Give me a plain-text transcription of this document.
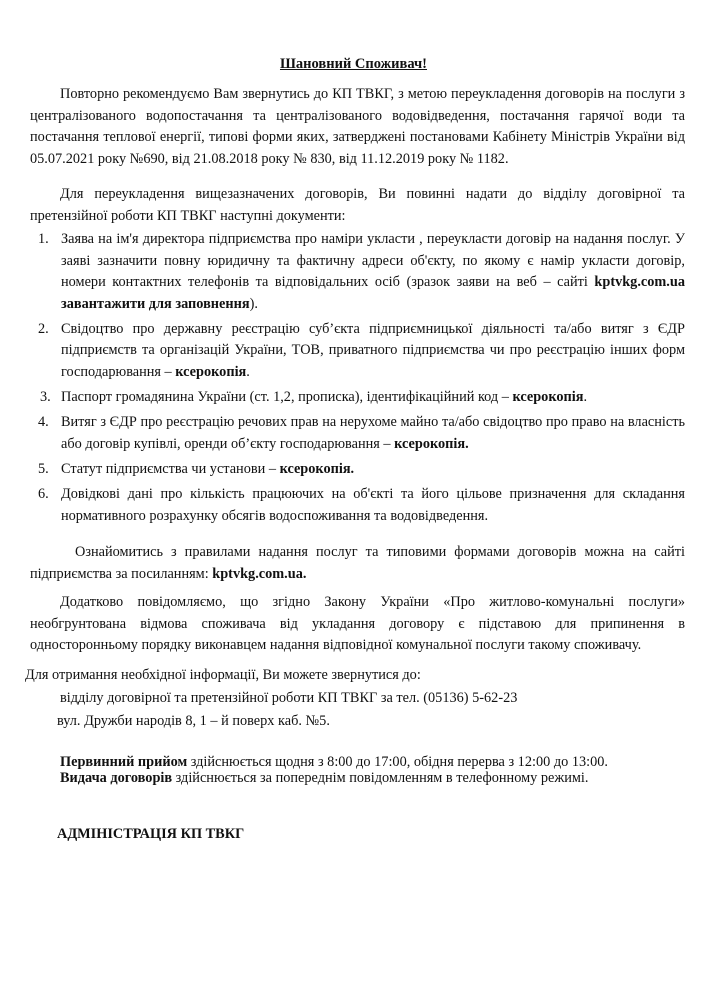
Шановний Споживач!

Повторно рекомендуємо Вам звернутись до КП ТВКГ, з метою переукладення договорів на послуги з централізованого водопостачання та централізованого водовідведення, постачання гарячої води та постачання теплової енергії, типові форми яких, затверджені постановами Кабінету Міністрів України від 05.07.2021 року №690, від 21.08.2018 року № 830, від 11.12.2019 року № 1182.

Для переукладення вищезазначених договорів, Ви повинні надати до відділу договірної та претензійної роботи КП ТВКГ наступні документи:

1. Заява на ім'я директора підприємства про наміри укласти , переукласти договір на надання послуг. У заяві зазначити повну юридичну та фактичну адреси об'єкту, по якому є намір укласти договір, номери контактних телефонів та відповідальних осіб (зразок заяви на веб – сайті kptvkg.com.ua завантажити для заповнення).
2. Свідоцтво про державну реєстрацію суб’єкта підприємницької діяльності та/або витяг з ЄДР підприємств та організацій України, ТОВ, приватного підприємства чи про реєстрацію інших форм господарювання – ксерокопія.
3. Паспорт громадянина України (ст. 1,2, прописка), ідентифікаційний код – ксерокопія.
4. Витяг з ЄДР про реєстрацію речових прав на нерухоме майно та/або свідоцтво про право на власність або договір купівлі, оренди об’єкту господарювання – ксерокопія.
5. Статут підприємства чи установи – ксерокопія.
6. Довідкові дані про кількість працюючих на об'єкті та його цільове призначення для складання нормативного розрахунку обсягів водоспоживання та водовідведення.

Ознайомитись з правилами надання послуг та типовими формами договорів можна на сайті підприємства за посиланням: kptvkg.com.ua.

Додатково повідомляємо, що згідно Закону України «Про житлово-комунальні послуги» необгрунтована відмова споживача від укладання договору є підставою для припинення в односторонньому порядку виконавцем надання відповідної комунальної послуги такому споживачу.

Для отримання необхідної інформації, Ви можете звернутися до:
відділу договірної та претензійної роботи КП ТВКГ за тел. (05136) 5-62-23
вул. Дружби народів 8, 1 – й поверх каб. №5.
Первинний прийом здійснюється щодня з 8:00 до 17:00, обідня перерва з 12:00 до 13:00.
Видача договорів здійснюється за попереднім повідомленням в телефонному режимі.
АДМІНІСТРАЦІЯ КП ТВКГ
